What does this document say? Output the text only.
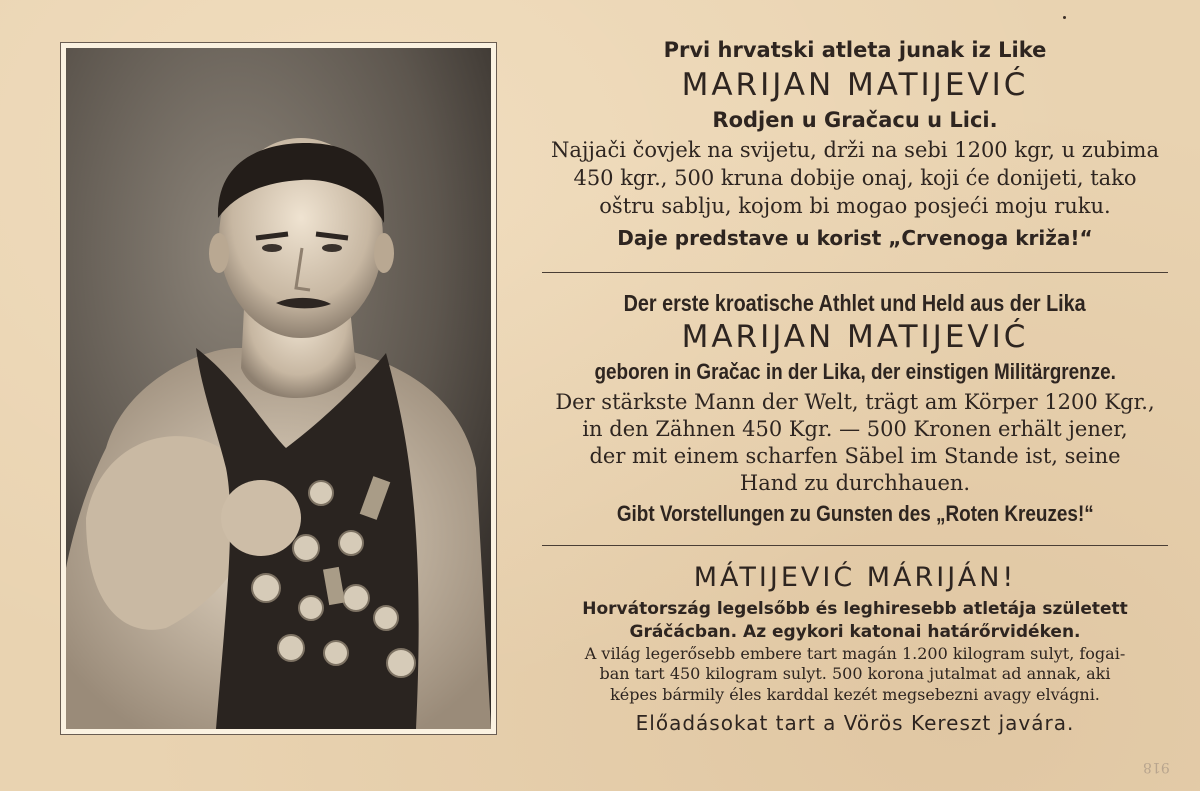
Prvi hrvatski atleta junak iz Like
MARIJAN MATIJEVIĆ
Rodjen u Gračacu u Lici.
Najjači čovjek na svijetu, drži na sebi 1200 kgr, u zubima
450 kgr., 500 kruna dobije onaj, koji će donijeti, tako
oštru sablju, kojom bi mogao posjeći moju ruku.
Daje predstave u korist „Crvenoga križa!“
Der erste kroatische Athlet und Held aus der Lika
MARIJAN MATIJEVIĆ
geboren in Gračac in der Lika, der einstigen Militärgrenze.
Der stärkste Mann der Welt, trägt am Körper 1200 Kgr.,
in den Zähnen 450 Kgr. — 500 Kronen erhält jener,
der mit einem scharfen Säbel im Stande ist, seine
Hand zu durchhauen.
Gibt Vorstellungen zu Gunsten des „Roten Kreuzes!“
MÁTIJEVIĆ MÁRIJÁN!
Horvátország legelsőbb és leghiresebb atletája született
Gráčácban. Az egykori katonai határőrvidéken.
A világ legerősebb embere tart magán 1.200 kilogram sulyt, fogai-
ban tart 450 kilogram sulyt. 500 korona jutalmat ad annak, aki
képes bármily éles karddal kezét megsebezni avagy elvágni.
Előadásokat tart a Vörös Kereszt javára.
918
